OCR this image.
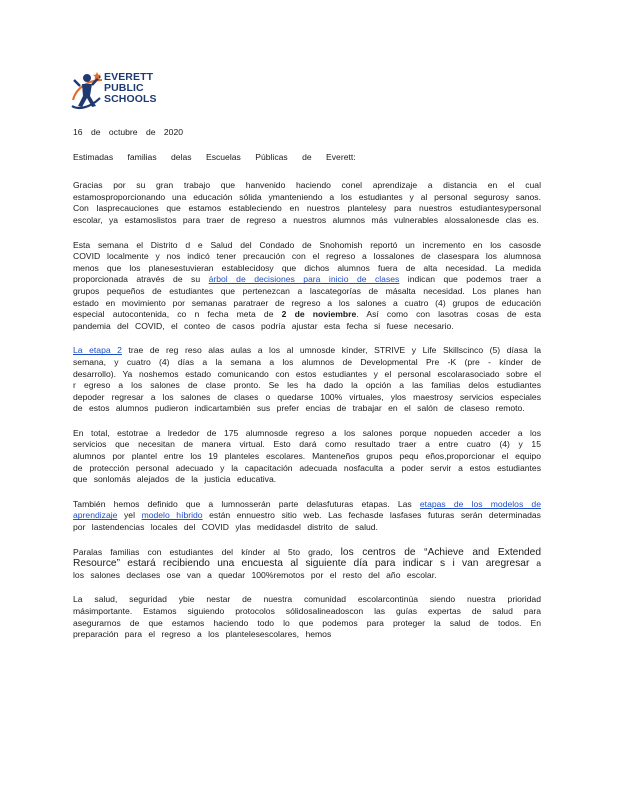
EVERETT
PUBLIC
SCHOOLS
16 de octubre de 2020
Estimadas familias delas Escuelas Públicas de Everett:

Gracias por su gran trabajo que hanvenido haciendo conel aprendizaje a distancia en el cual estamosproporcionando una educación sólida ymanteniendo a los estudiantes y al personal segurosy sanos. Con lasprecauciones que estamos estableciendo en nuestros plantelesy para nuestros estudiantesypersonal escolar, ya estamoslistos para traer de regreso a nuestros alumnos más vulnerables alossalonesde clas es.

Esta semana el Distrito d e Salud del Condado de Snohomish reportó un incremento en los casosde COVID localmente y nos indicó tener precaución con el regreso a lossalones de clasespara los alumnosa menos que los planesestuvieran establecidosy que dichos alumnos fuera de alta necesidad. La medida proporcionada através de su árbol de decisiones para inicio de clases indican que podemos traer a grupos pequeños de estudiantes que pertenezcan a lascategorías de másalta necesidad. Los planes han estado en movimiento por semanas paratraer de regreso a los salones a cuatro (4) grupos de educación especial autocontenida, co n fecha meta de 2 de noviembre. Así como con lasotras cosas de esta pandemia del COVID, el conteo de casos podría ajustar esta fecha si fuese necesario.

La etapa 2 trae de reg reso alas aulas a los al umnosde kínder, STRIVE y Life Skillscinco (5) díasa la semana, y cuatro (4) días a la semana a los alumnos de Developmental Pre -K (pre - kínder de desarrollo). Ya noshemos estado comunicando con estos estudiantes y el personal escolarasociado sobre el r egreso a los salones de clase pronto. Se les ha dado la opción a las familias delos estudiantes depoder regresar a los salones de clases o quedarse 100% virtuales, ylos maestrosy servicios especiales de estos alumnos pudieron indicartambién sus prefer encias de trabajar en el salón de claseso remoto.

En total, estotrae a lrededor de 175 alumnosde regreso a los salones porque nopueden acceder a los servicios que necesitan de manera virtual. Esto dará como resultado traer a entre cuatro (4) y 15 alumnos por plantel entre los 19 planteles escolares. Manteneños grupos pequ eños,proporcionar el equipo de protección personal adecuado y la capacitación adecuada nosfaculta a poder servir a estos estudiantes que sonlomás alejados de la justicia educativa.

También hemos definido que a lumnosserán parte delasfuturas etapas. Las etapas de los modelos de aprendizaje yel modelo híbrido están ennuestro sitio web. Las fechasde lasfases futuras serán determinadas por lastendencias locales del COVID ylas medidasdel distrito de salud.

Paralas familias con estudiantes del kínder al 5to grado, los centros de “Achieve and Extended Resource” estará recibiendo una encuesta al siguiente día para indicar s i van aregresar a los salones declases ose van a quedar 100%remotos por el resto del año escolar.

La salud, seguridad ybie nestar de nuestra comunidad escolarcontinúa siendo nuestra prioridad másimportante. Estamos siguiendo protocolos sólidosalineadoscon las guías expertas de salud para asegurarnos de que estamos haciendo todo lo que podemos para proteger la salud de todos. En preparación para el regreso a los plantelesescolares, hemos
